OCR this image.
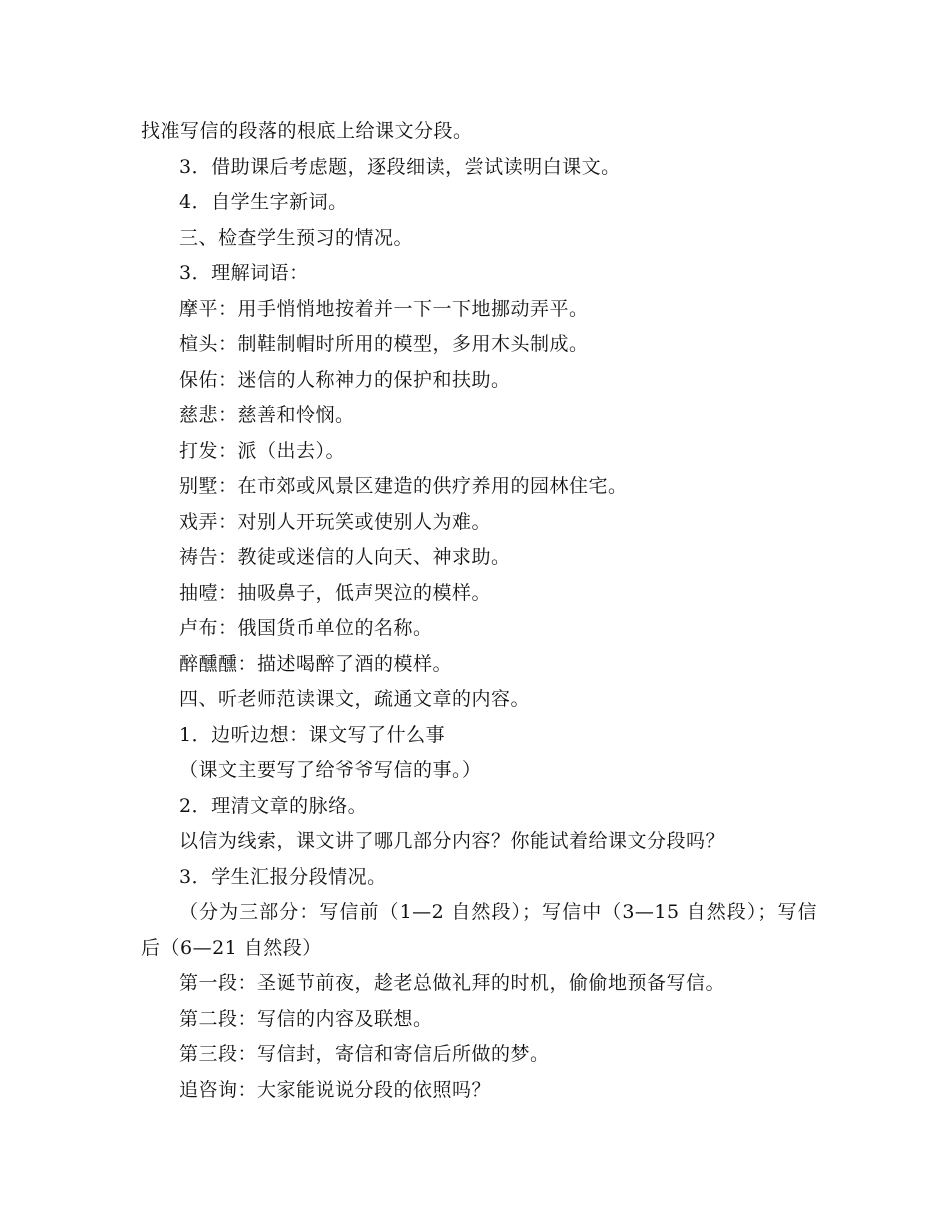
找准写信的段落的根底上给课文分段。
3．借助课后考虑题，逐段细读，尝试读明白课文。
4．自学生字新词。
三、检查学生预习的情况。
3．理解词语：
摩平：用手悄悄地按着并一下一下地挪动弄平。
楦头：制鞋制帽时所用的模型，多用木头制成。
保佑：迷信的人称神力的保护和扶助。
慈悲：慈善和怜悯。
打发：派（出去）。
别墅：在市郊或风景区建造的供疗养用的园林住宅。
戏弄：对别人开玩笑或使别人为难。
祷告：教徒或迷信的人向天、神求助。
抽噎：抽吸鼻子，低声哭泣的模样。
卢布：俄国货币单位的名称。
醉醺醺：描述喝醉了酒的模样。
四、听老师范读课文，疏通文章的内容。
1．边听边想：课文写了什么事
（课文主要写了给爷爷写信的事。）
2．理清文章的脉络。
以信为线索，课文讲了哪几部分内容？你能试着给课文分段吗？
3．学生汇报分段情况。
（分为三部分：写信前（1—2 自然段）；写信中（3—15 自然段）；写信后（6—21 自然段）
第一段：圣诞节前夜，趁老总做礼拜的时机，偷偷地预备写信。
第二段：写信的内容及联想。
第三段：写信封，寄信和寄信后所做的梦。
追咨询：大家能说说分段的依照吗？
